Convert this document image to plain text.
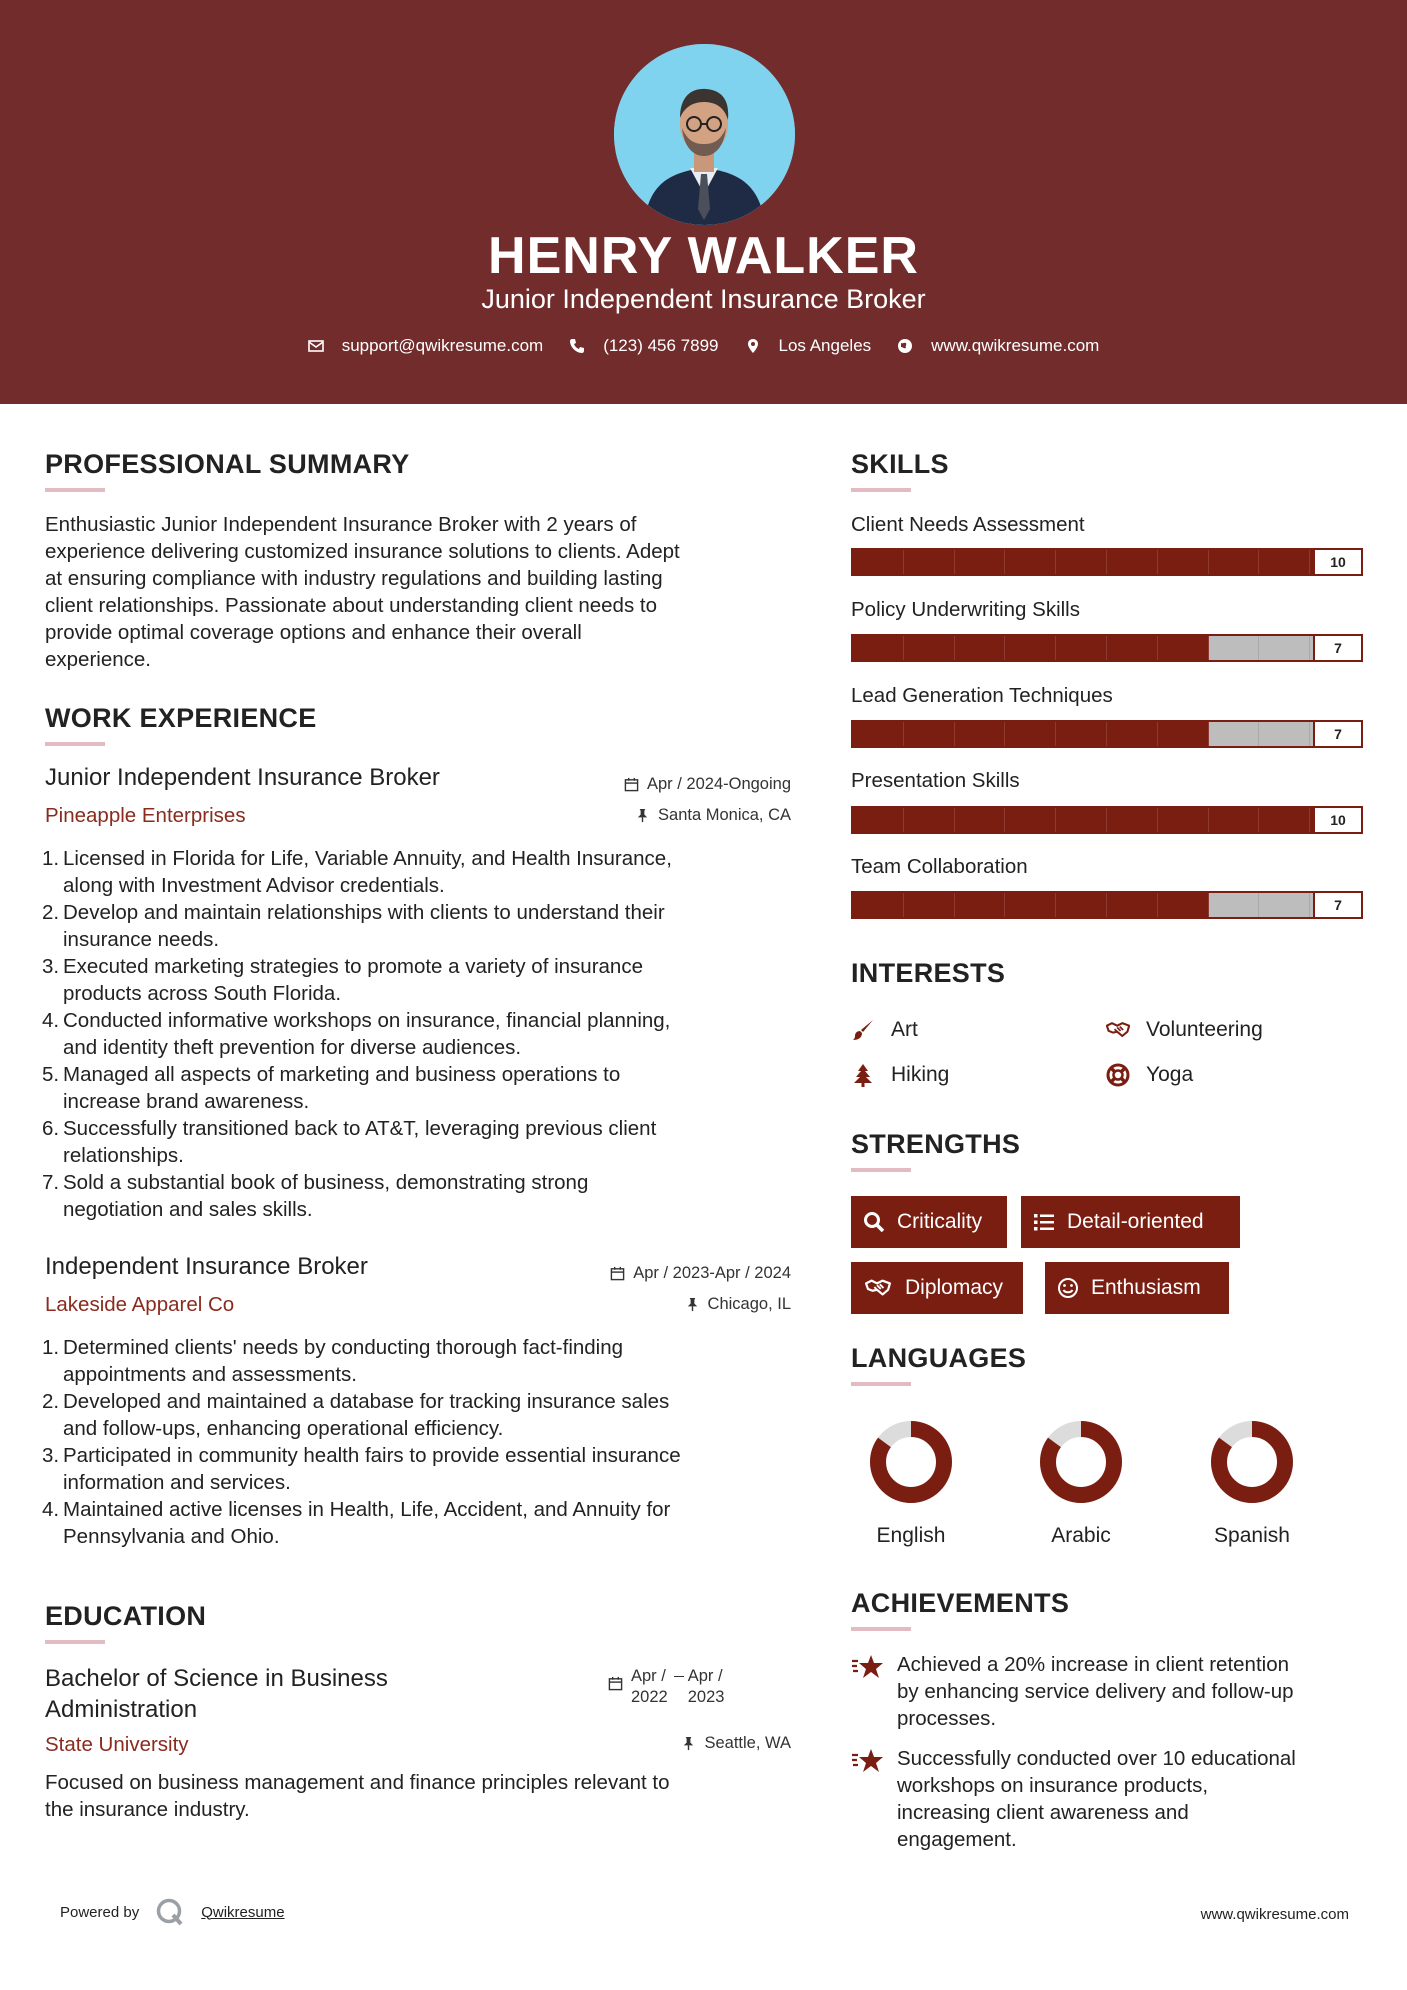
HENRY WALKER
Junior Independent Insurance Broker
support@qwikresume.com	(123) 456 7899	Los Angeles	www.qwikresume.com
PROFESSIONAL SUMMARY
Enthusiastic Junior Independent Insurance Broker with 2 years of
experience delivering customized insurance solutions to clients. Adept
at ensuring compliance with industry regulations and building lasting
client relationships. Passionate about understanding client needs to
provide optimal coverage options and enhance their overall
experience.
WORK EXPERIENCE
Junior Independent Insurance Broker
Pineapple Enterprises
Apr / 2024-Ongoing
Santa Monica, CA
1. Licensed in Florida for Life, Variable Annuity, and Health Insurance,
along with Investment Advisor credentials.
2. Develop and maintain relationships with clients to understand their
insurance needs.
3. Executed marketing strategies to promote a variety of insurance
products across South Florida.
4. Conducted informative workshops on insurance, financial planning,
and identity theft prevention for diverse audiences.
5. Managed all aspects of marketing and business operations to
increase brand awareness.
6. Successfully transitioned back to AT&T, leveraging previous client
relationships.
7. Sold a substantial book of business, demonstrating strong
negotiation and sales skills.
Independent Insurance Broker
Lakeside Apparel Co
Apr / 2023-Apr / 2024
Chicago, IL
1. Determined clients' needs by conducting thorough fact-finding
appointments and assessments.
2. Developed and maintained a database for tracking insurance sales
and follow-ups, enhancing operational efficiency.
3. Participated in community health fairs to provide essential insurance
information and services.
4. Maintained active licenses in Health, Life, Accident, and Annuity for
Pennsylvania and Ohio.
EDUCATION
Bachelor of Science in Business
Administration
State University
Apr /
2022
Apr /
2023
Seattle, WA
Focused on business management and finance principles relevant to
the insurance industry.
SKILLS
Client Needs Assessment
10
Policy Underwriting Skills
7
Lead Generation Techniques
7
Presentation Skills
10
Team Collaboration
7
INTERESTS
Art	Volunteering
Hiking	Yoga
STRENGTHS
Criticality	Detail-oriented
Diplomacy	Enthusiasm
LANGUAGES
English	Arabic	Spanish
ACHIEVEMENTS
Achieved a 20% increase in client retention
by enhancing service delivery and follow-up
processes.
Successfully conducted over 10 educational
workshops on insurance products,
increasing client awareness and
engagement.
Powered by	Qwikresume	www.qwikresume.com
